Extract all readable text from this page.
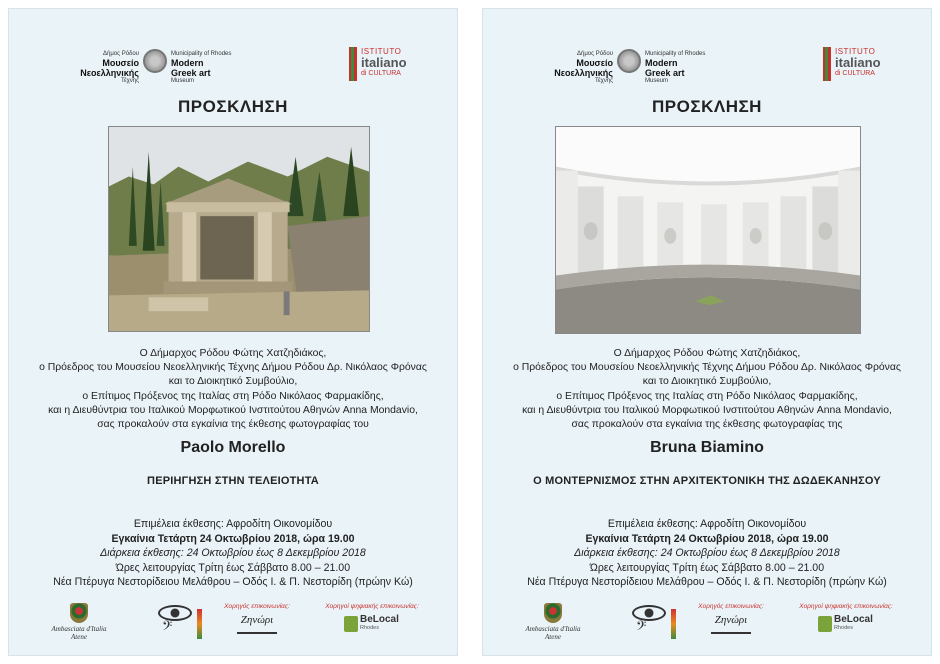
Δήμος Ρόδου
Μουσείο
Νεοελληνικής
Τέχνης
Municipality of Rhodes
Modern
Greek art
Museum
ISTITUTO
italiano
di CULTURA
ΠΡΟΣΚΛΗΣΗ
Ο Δήμαρχος Ρόδου Φώτης Χατζηδιάκος,
ο Πρόεδρος του Μουσείου Νεοελληνικής Τέχνης Δήμου Ρόδου Δρ. Νικόλαος Φρόνας
και το Διοικητικό Συμβούλιο,
ο Επίτιμος Πρόξενος της Ιταλίας στη Ρόδο Νικόλαος Φαρμακίδης,
και η Διευθύντρια του Ιταλικού Μορφωτικού Ινστιτούτου Αθηνών Anna Mondavio,
σας προκαλούν στα εγκαίνια της έκθεσης φωτογραφίας του
Paolo Morello
ΠΕΡΙΗΓΗΣΗ ΣΤΗΝ ΤΕΛΕΙΟΤΗΤΑ
Επιμέλεια έκθεσης: Αφροδίτη Οικονομίδου
Εγκαίνια Τετάρτη 24 Οκτωβρίου 2018, ώρα 19.00
Διάρκεια έκθεσης: 24 Οκτωβρίου έως 8 Δεκεμβρίου 2018
Ώρες λειτουργίας Τρίτη έως Σάββατο 8.00 – 21.00
Νέα Πτέρυγα Νεστορίδειου Μελάθρου – Οδός Ι. & Π. Νεστορίδη (πρώην Κώ)
Ambasciata d'Italia
Atene	𝄢
Χορηγός επικοινωνίας:
Ζηνώρι
Χορηγοί ψηφιακής επικοινωνίας:
BeLocal
Rhodes
Δήμος Ρόδου
Μουσείο
Νεοελληνικής
Τέχνης
Municipality of Rhodes
Modern
Greek art
Museum
ISTITUTO
italiano
di CULTURA
ΠΡΟΣΚΛΗΣΗ
Ο Δήμαρχος Ρόδου Φώτης Χατζηδιάκος,
ο Πρόεδρος του Μουσείου Νεοελληνικής Τέχνης Δήμου Ρόδου Δρ. Νικόλαος Φρόνας
και το Διοικητικό Συμβούλιο,
ο Επίτιμος Πρόξενος της Ιταλίας στη Ρόδο Νικόλαος Φαρμακίδης,
και η Διευθύντρια του Ιταλικού Μορφωτικού Ινστιτούτου Αθηνών Anna Mondavio,
σας προκαλούν στα εγκαίνια της έκθεσης φωτογραφίας της
Bruna Biamino
Ο ΜΟΝΤΕΡΝΙΣΜΟΣ ΣΤΗΝ ΑΡΧΙΤΕΚΤΟΝΙΚΗ ΤΗΣ ΔΩΔΕΚΑΝΗΣΟΥ
Επιμέλεια έκθεσης: Αφροδίτη Οικονομίδου
Εγκαίνια Τετάρτη 24 Οκτωβρίου 2018, ώρα 19.00
Διάρκεια έκθεσης: 24 Οκτωβρίου έως 8 Δεκεμβρίου 2018
Ώρες λειτουργίας Τρίτη έως Σάββατο 8.00 – 21.00
Νέα Πτέρυγα Νεστορίδειου Μελάθρου – Οδός Ι. & Π. Νεστορίδη (πρώην Κώ)
Ambasciata d'Italia
Atene	𝄢
Χορηγός επικοινωνίας:
Ζηνώρι
Χορηγοί ψηφιακής επικοινωνίας:
BeLocal
Rhodes
